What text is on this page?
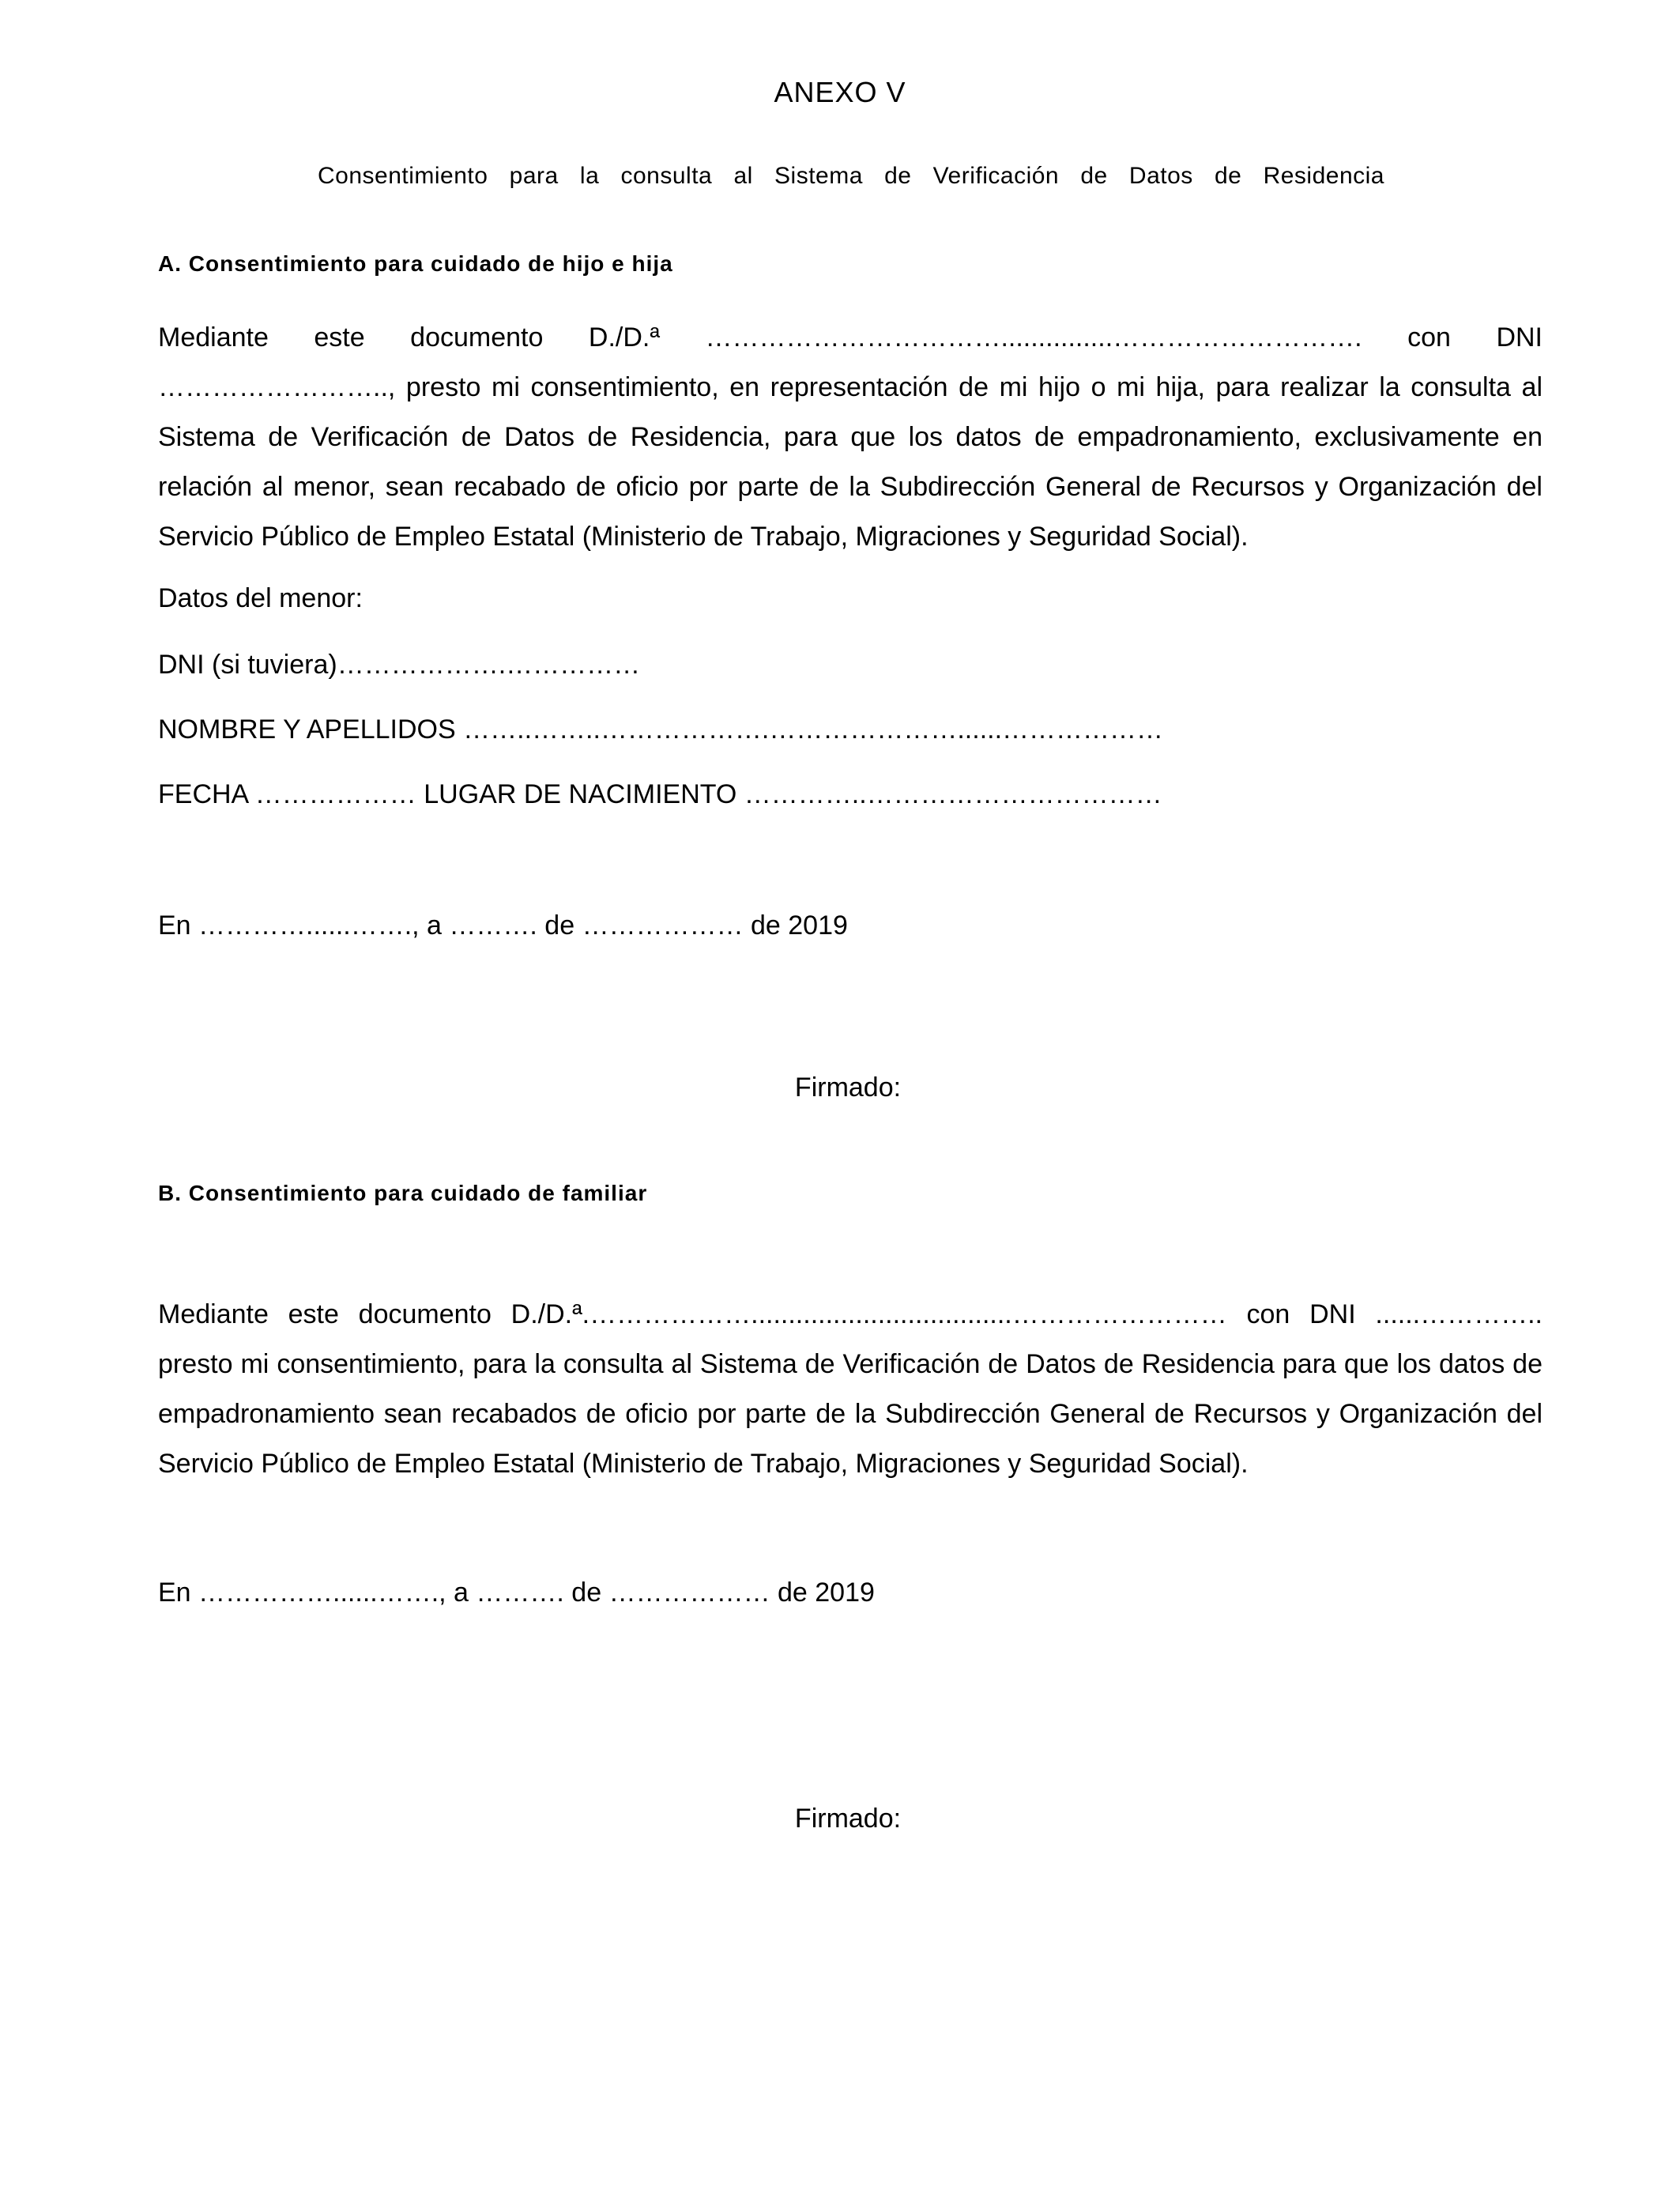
ANEXO V
Consentimiento para la consulta al Sistema de Verificación de Datos de Residencia
A. Consentimiento para cuidado de hijo e hija

Mediante este documento D./D.ª ……………………………...............………………………. con DNI …………………….., presto mi consentimiento, en representación de mi hijo o mi hija, para realizar la consulta al Sistema de Verificación de Datos de Residencia, para que los datos de empadronamiento, exclusivamente en relación al menor, sean recabado de oficio por parte de la Subdirección General de Recursos y Organización del Servicio Público de Empleo Estatal (Ministerio de Trabajo, Migraciones y Seguridad Social).

Datos del menor:
DNI (si tuviera)……………….……………
NOMBRE Y APELLIDOS ……..……..……………….…………………......………………
FECHA ……………… LUGAR DE NACIMIENTO …………..……………………………
En …………......……., a ………. de ……………… de 2019
Firmado:
B. Consentimiento para cuidado de familiar

Mediante este documento D./D.ª.………………...................................…………………… con DNI ......………….. presto mi consentimiento, para la consulta al Sistema de Verificación de Datos de Residencia para que los datos de empadronamiento sean recabados de oficio por parte de la Subdirección General de Recursos y Organización del Servicio Público de Empleo Estatal (Ministerio de Trabajo, Migraciones y Seguridad Social).

En ……………......……., a ………. de ……………… de 2019
Firmado:
